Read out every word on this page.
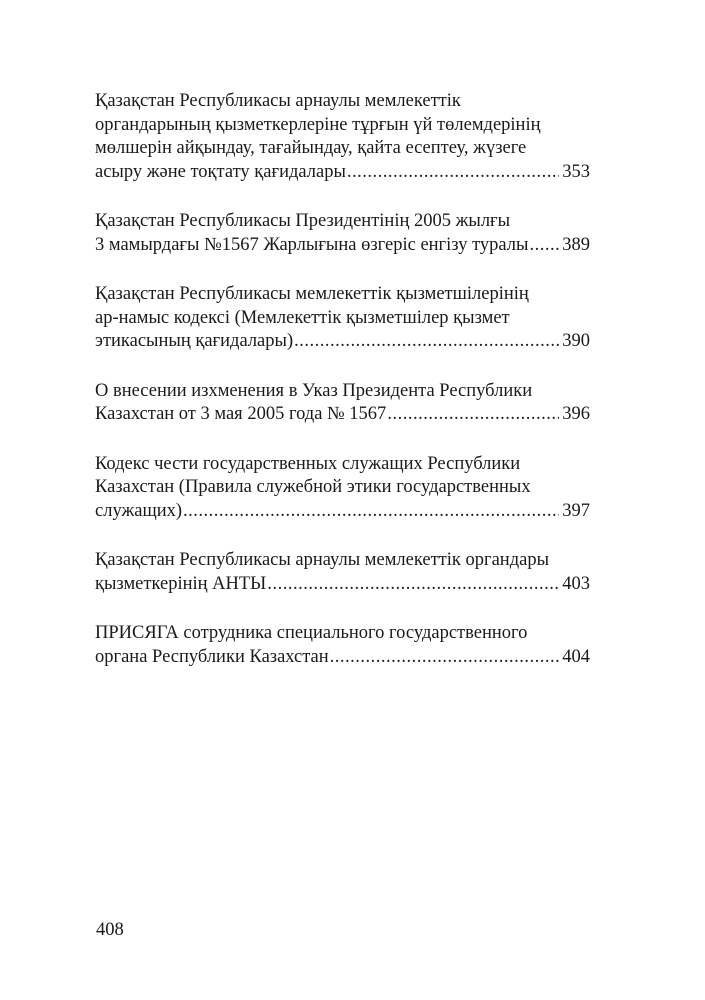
Қазақстан Республикасы арнаулы мемлекеттік
органдарының қызметкерлеріне тұрғын үй төлемдерінің
мөлшерін айқындау, тағайындау, қайта есептеу, жүзеге
асыру және тоқтату қағидалары .....	353
Қазақстан Республикасы Президентінің 2005 жылғы
3 мамырдағы №1567 Жарлығына өзгеріс енгізу туралы ..... 389
Қазақстан Республикасы мемлекеттік қызметшілерінің
ар-намыс кодексі (Мемлекеттік қызметшілер қызмет
этикасының қағидалары) .....	390
О внесении изхменения в Указ Президента Республики
Казахстан от 3 мая 2005 года № 1567 .....	396
Кодекс чести государственных служащих Республики
Казахстан (Правила служебной этики государственных
служащих) .....	397
Қазақстан Республикасы арнаулы мемлекеттік органдары
қызметкерінің АНТЫ .....	403
ПРИСЯГА сотрудника специального государственного
органа Республики Казахстан .....	404
408
